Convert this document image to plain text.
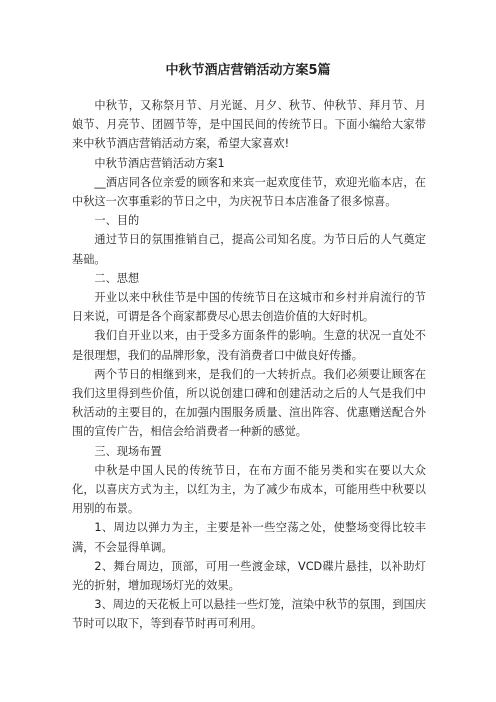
中秋节酒店营销活动方案5篇

中秋节，又称祭月节、月光诞、月夕、秋节、仲秋节、拜月节、月娘节、月亮节、团圆节等，是中国民间的传统节日。下面小编给大家带来中秋节酒店营销活动方案，希望大家喜欢!

中秋节酒店营销活动方案1

__酒店同各位亲爱的顾客和来宾一起欢度佳节，欢迎光临本店，在中秋这一次事重彩的节日之中，为庆祝节日本店准备了很多惊喜。

一、目的

通过节日的氛围推销自己，提高公司知名度。为节日后的人气奠定基础。

二、思想

开业以来中秋佳节是中国的传统节日在这城市和乡村并肩流行的节日来说，可谓是各个商家都费尽心思去创造价值的大好时机。

我们自开业以来，由于受多方面条件的影响。生意的状况一直处不是很理想，我们的品牌形象，没有消费者口中做良好传播。

两个节日的相继到来，是我们的一大转折点。我们必须要让顾客在我们这里得到些价值，所以说创建口碑和创建活动之后的人气是我们中秋活动的主要目的，在加强内围服务质量、渲出阵容、优惠赠送配合外围的宣传广告，相信会给消费者一种新的感觉。

三、现场布置

中秋是中国人民的传统节日，在布方面不能另类和实在要以大众化，以喜庆方式为主，以红为主，为了减少布成本，可能用些中秋要以用别的布景。

1、周边以弹力为主，主要是补一些空荡之处，使整场变得比较丰满，不会显得单调。

2、舞台周边，顶部，可用一些渡金球，VCD碟片悬挂，以补助灯光的折射，增加现场灯光的效果。

3、周边的天花板上可以悬挂一些灯笼，渲染中秋节的氛围，到国庆节时可以取下，等到春节时再可利用。
